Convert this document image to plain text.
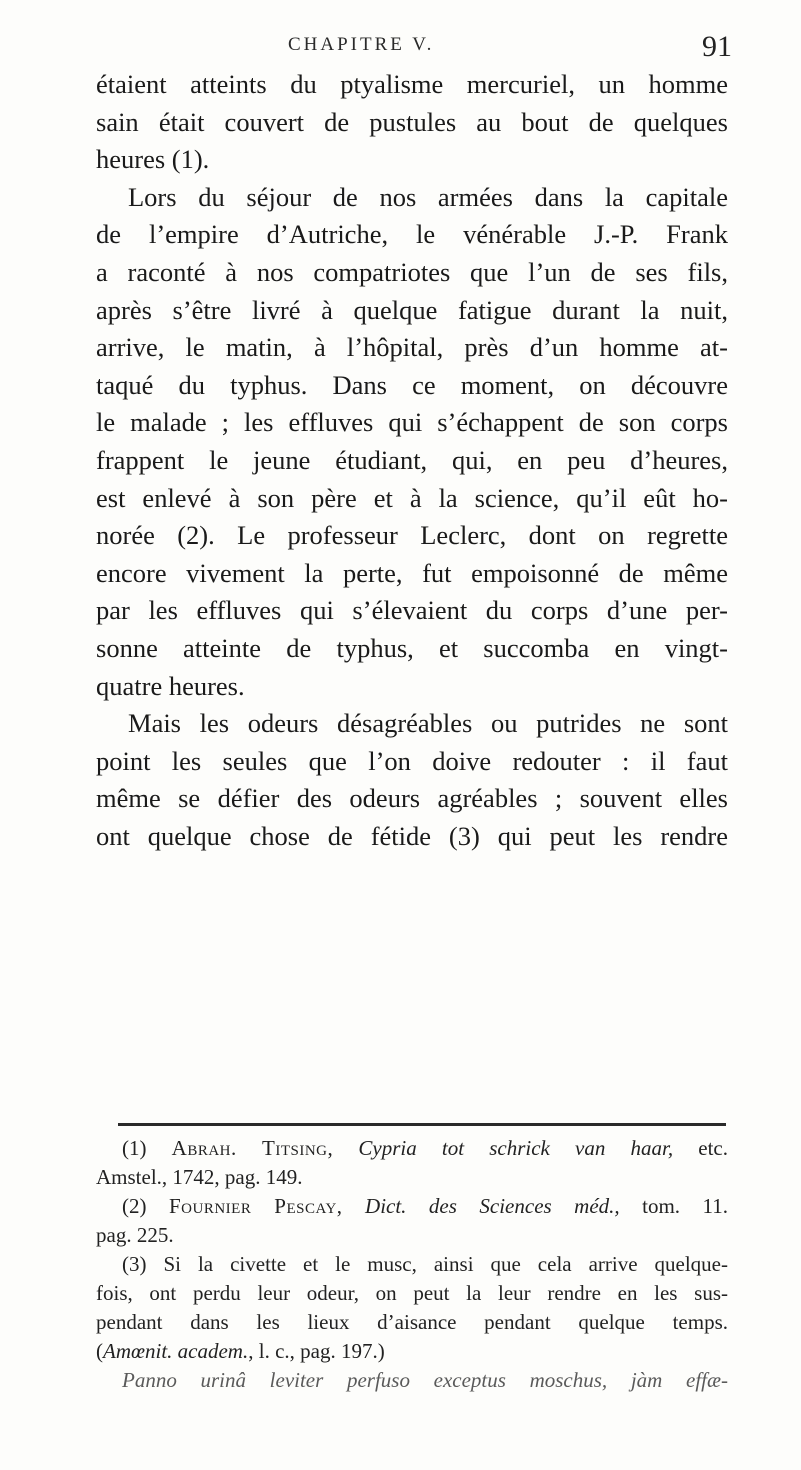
CHAPITRE V.	91
étaient atteints du ptyalisme mercuriel, un homme
sain était couvert de pustules au bout de quelques
heures (1).
Lors du séjour de nos armées dans la capitale
de l’empire d’Autriche, le vénérable J.-P. Frank
a raconté à nos compatriotes que l’un de ses fils,
après s’être livré à quelque fatigue durant la nuit,
arrive, le matin, à l’hôpital, près d’un homme at-
taqué du typhus. Dans ce moment, on découvre
le malade ; les effluves qui s’échappent de son corps
frappent le jeune étudiant, qui, en peu d’heures,
est enlevé à son père et à la science, qu’il eût ho-
norée (2). Le professeur Leclerc, dont on regrette
encore vivement la perte, fut empoisonné de même
par les effluves qui s’élevaient du corps d’une per-
sonne atteinte de typhus, et succomba en vingt-
quatre heures.
Mais les odeurs désagréables ou putrides ne sont
point les seules que l’on doive redouter : il faut
même se défier des odeurs agréables ; souvent elles
ont quelque chose de fétide (3) qui peut les rendre
(1) Abrah. Titsing, Cypria tot schrick van haar, etc.
Amstel., 1742, pag. 149.
(2) Fournier Pescay, Dict. des Sciences méd., tom. 11.
pag. 225.
(3) Si la civette et le musc, ainsi que cela arrive quelque-
fois, ont perdu leur odeur, on peut la leur rendre en les sus-
pendant dans les lieux d’aisance pendant quelque temps.
(Amœnit. academ., l. c., pag. 197.)
Panno urinâ leviter perfuso exceptus moschus, jàm effæ-
